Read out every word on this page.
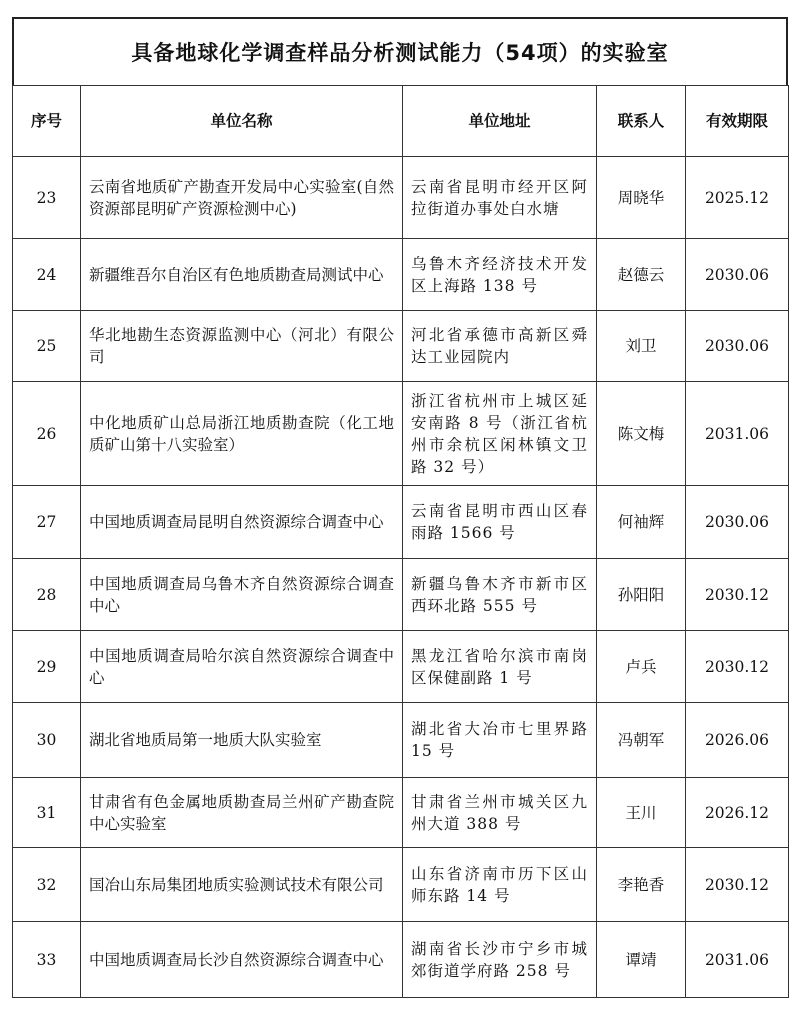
具备地球化学调查样品分析测试能力（54项）的实验室
序号	单位名称	单位地址	联系人	有效期限
23	云南省地质矿产勘查开发局中心实验室(自然资源部昆明矿产资源检测中心)	云南省昆明市经开区阿拉街道办事处白水塘	周晓华	2025.12
24	新疆维吾尔自治区有色地质勘查局测试中心	乌鲁木齐经济技术开发区上海路 138 号	赵德云	2030.06
25	华北地勘生态资源监测中心（河北）有限公司	河北省承德市高新区舜达工业园院内	刘卫	2030.06
26	中化地质矿山总局浙江地质勘查院（化工地质矿山第十八实验室）	浙江省杭州市上城区延安南路 8 号（浙江省杭州市余杭区闲林镇文卫路 32 号）	陈文梅	2031.06
27	中国地质调查局昆明自然资源综合调查中心	云南省昆明市西山区春雨路 1566 号	何袖辉	2030.06
28	中国地质调查局乌鲁木齐自然资源综合调查中心	新疆乌鲁木齐市新市区西环北路 555 号	孙阳阳	2030.12
29	中国地质调查局哈尔滨自然资源综合调查中心	黑龙江省哈尔滨市南岗区保健副路 1 号	卢兵	2030.12
30	湖北省地质局第一地质大队实验室	湖北省大冶市七里界路 15 号	冯朝军	2026.06
31	甘肃省有色金属地质勘查局兰州矿产勘查院中心实验室	甘肃省兰州市城关区九州大道 388 号	王川	2026.12
32	国冶山东局集团地质实验测试技术有限公司	山东省济南市历下区山师东路 14 号	李艳香	2030.12
33	中国地质调查局长沙自然资源综合调查中心	湖南省长沙市宁乡市城郊街道学府路 258 号	谭靖	2031.06
